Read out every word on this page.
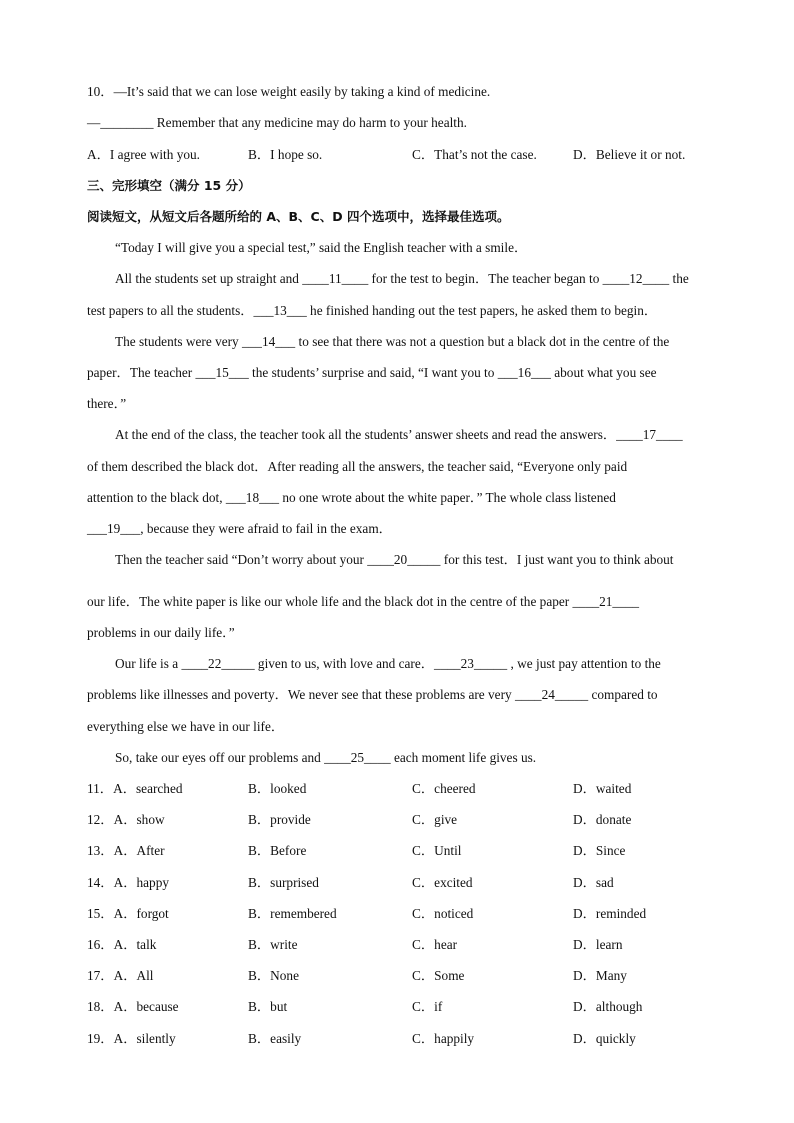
10．—It’s said that we can lose weight easily by taking a kind of medicine.
—________ Remember that any medicine may do harm to your health.
A．I agree with you.	B．I hope so.	C．That’s not the case.	D．Believe it or not.
三、完形填空（满分 15 分）
阅读短文，从短文后各题所给的 A、B、C、D 四个选项中，选择最佳选项。
“Today I will give you a special test,” said the English teacher with a smile．
All the students set up straight and ____11____ for the test to begin．The teacher began to ____12____ the
test papers to all the students．___13___ he finished handing out the test papers, he asked them to begin．
The students were very ___14___ to see that there was not a question but a black dot in the centre of the
paper．The teacher ___15___ the students’ surprise and said, “I want you to ___16___ about what you see
there．”
At the end of the class, the teacher took all the students’ answer sheets and read the answers．____17____
of them described the black dot．After reading all the answers, the teacher said, “Everyone only paid
attention to the black dot, ___18___ no one wrote about the white paper．” The whole class listened
___19___, because they were afraid to fail in the exam．
Then the teacher said “Don’t worry about your ____20_____ for this test．I just want you to think about
our life．The white paper is like our whole life and the black dot in the centre of the paper ____21____
problems in our daily life．”
Our life is a ____22_____ given to us, with love and care．____23_____ , we just pay attention to the
problems like illnesses and poverty．We never see that these problems are very ____24_____ compared to
everything else we have in our life．
So, take our eyes off our problems and ____25____ each moment life gives us.
11．A．searched	B．looked	C．cheered	D．waited
12．A．show	B．provide	C．give	D．donate
13．A．After	B．Before	C．Until	D．Since
14．A．happy	B．surprised	C．excited	D．sad
15．A．forgot	B．remembered	C．noticed	D．reminded
16．A．talk	B．write	C．hear	D．learn
17．A．All	B．None	C．Some	D．Many
18．A．because	B．but	C．if	D．although
19．A．silently	B．easily	C．happily	D．quickly
